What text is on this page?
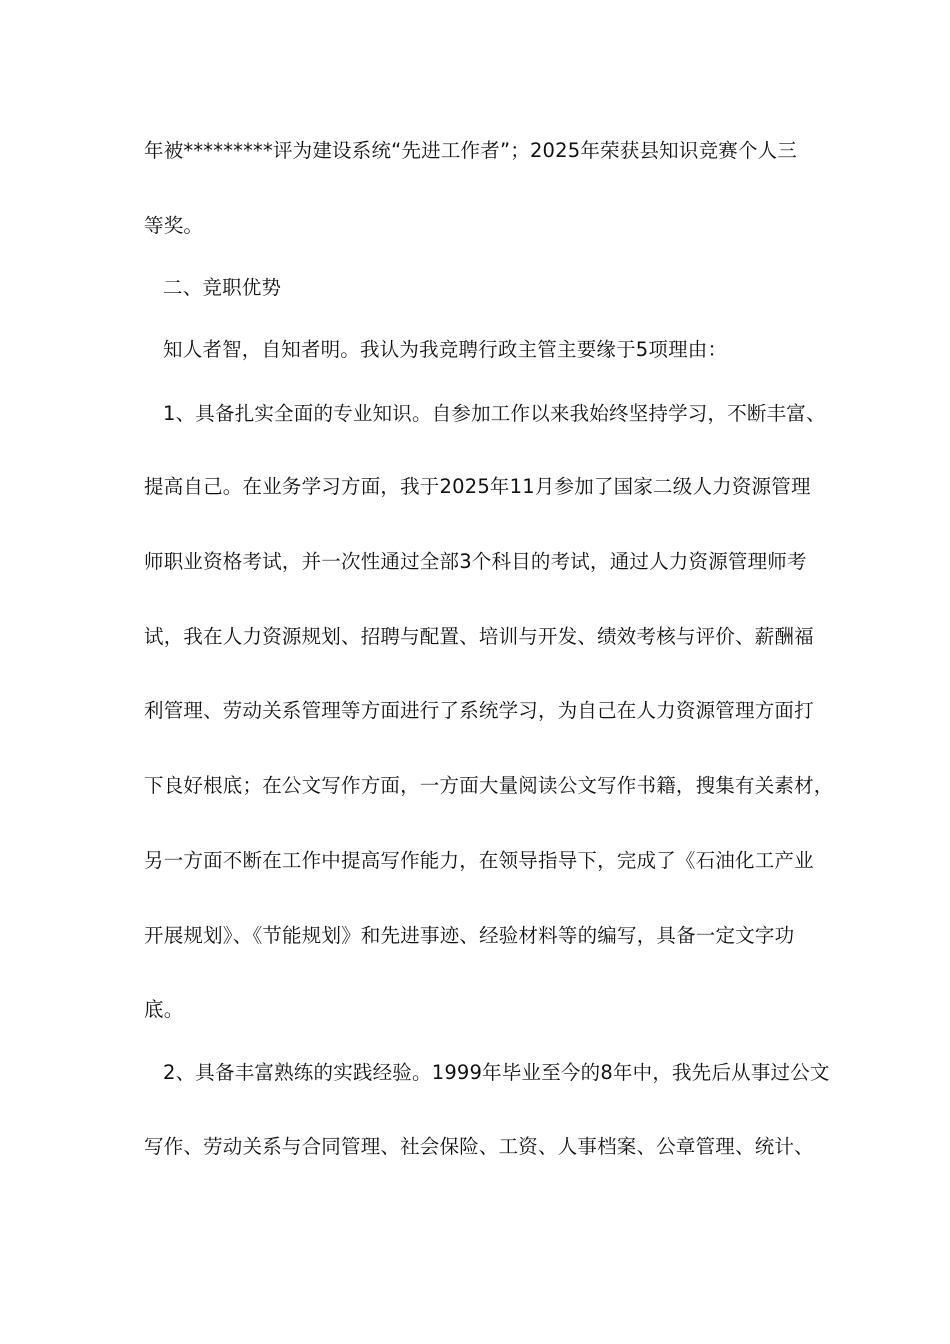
年被*********评为建设系统“先进工作者”；2025年荣获县知识竞赛个人三
等奖。
二、竞职优势
知人者智，自知者明。我认为我竞聘行政主管主要缘于5项理由：
1、具备扎实全面的专业知识。自参加工作以来我始终坚持学习，不断丰富、
提高自己。在业务学习方面，我于2025年11月参加了国家二级人力资源管理
师职业资格考试，并一次性通过全部3个科目的考试，通过人力资源管理师考
试，我在人力资源规划、招聘与配置、培训与开发、绩效考核与评价、薪酬福
利管理、劳动关系管理等方面进行了系统学习，为自己在人力资源管理方面打
下良好根底；在公文写作方面，一方面大量阅读公文写作书籍，搜集有关素材，
另一方面不断在工作中提高写作能力，在领导指导下，完成了《石油化工产业
开展规划》、《节能规划》和先进事迹、经验材料等的编写，具备一定文字功
底。
2、具备丰富熟练的实践经验。1999年毕业至今的8年中，我先后从事过公文
写作、劳动关系与合同管理、社会保险、工资、人事档案、公章管理、统计、
